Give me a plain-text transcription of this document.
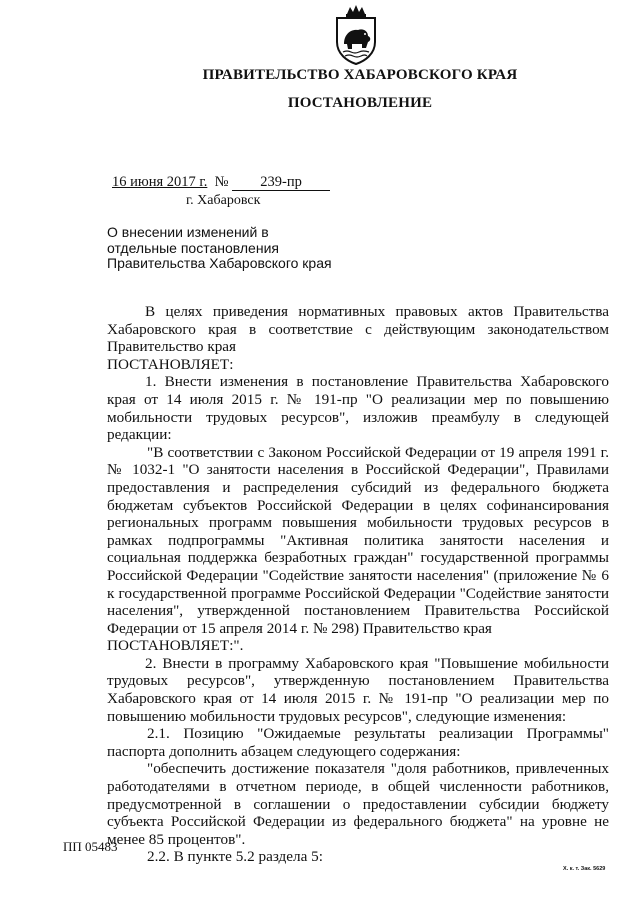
ПРАВИТЕЛЬСТВО ХАБАРОВСКОГО КРАЯ
ПОСТАНОВЛЕНИЕ
16 июня 2017 г. № 239-пр
г. Хабаровск
О внесении изменений в отдельные постановления Правительства Хабаровского края

В целях приведения нормативных правовых актов Правительства Хабаровского края в соответствие с действующим законодательством Правительство края

ПОСТАНОВЛЯЕТ:

1. Внести изменения в постановление Правительства Хабаровского края от 14 июля 2015 г. № 191-пр "О реализации мер по повышению мобильности трудовых ресурсов", изложив преамбулу в следующей редакции:

"В соответствии с Законом Российской Федерации от 19 апреля 1991 г. № 1032-1 "О занятости населения в Российской Федерации", Правилами предоставления и распределения субсидий из федерального бюджета бюджетам субъектов Российской Федерации в целях софинансирования региональных программ повышения мобильности трудовых ресурсов в рамках подпрограммы "Активная политика занятости населения и социальная поддержка безработных граждан" государственной программы Российской Федерации "Содействие занятости населения" (приложение № 6 к государственной программе Российской Федерации "Содействие занятости населения", утвержденной постановлением Правительства Российской Федерации от 15 апреля 2014 г. № 298) Правительство края

ПОСТАНОВЛЯЕТ:".

2. Внести в программу Хабаровского края "Повышение мобильности трудовых ресурсов", утвержденную постановлением Правительства Хабаровского края от 14 июля 2015 г. № 191-пр "О реализации мер по повышению мобильности трудовых ресурсов", следующие изменения:

2.1. Позицию "Ожидаемые результаты реализации Программы" паспорта дополнить абзацем следующего содержания:

"обеспечить достижение показателя "доля работников, привлеченных работодателями в отчетном периоде, в общей численности работников, предусмотренной в соглашении о предоставлении субсидии бюджету субъекта Российской Федерации из федерального бюджета" на уровне не менее 85 процентов".

2.2. В пункте 5.2 раздела 5:

ПП 05483
Х. к. т. Зак. 5629
